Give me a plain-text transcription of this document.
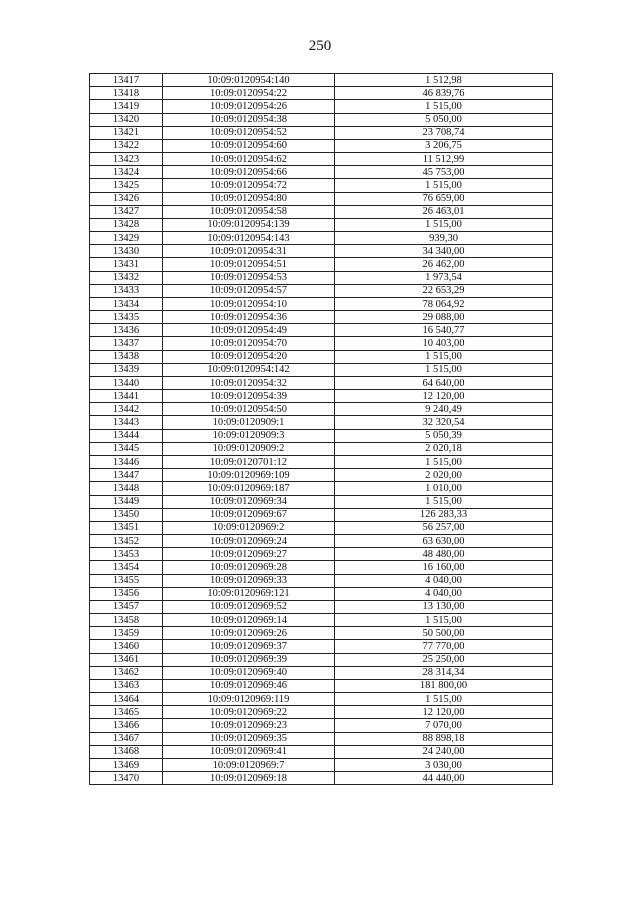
250
13417	10:09:0120954:140	1 512,98
13418	10:09:0120954:22	46 839,76
13419	10:09:0120954:26	1 515,00
13420	10:09:0120954:38	5 050,00
13421	10:09:0120954:52	23 708,74
13422	10:09:0120954:60	3 206,75
13423	10:09:0120954:62	11 512,99
13424	10:09:0120954:66	45 753,00
13425	10:09:0120954:72	1 515,00
13426	10:09:0120954:80	76 659,00
13427	10:09:0120954:58	26 463,01
13428	10:09:0120954:139	1 515,00
13429	10:09:0120954:143	939,30
13430	10:09:0120954:31	34 340,00
13431	10:09:0120954:51	26 462,00
13432	10:09:0120954:53	1 973,54
13433	10:09:0120954:57	22 653,29
13434	10:09:0120954:10	78 064,92
13435	10:09:0120954:36	29 088,00
13436	10:09:0120954:49	16 540,77
13437	10:09:0120954:70	10 403,00
13438	10:09:0120954:20	1 515,00
13439	10:09:0120954:142	1 515,00
13440	10:09:0120954:32	64 640,00
13441	10:09:0120954:39	12 120,00
13442	10:09:0120954:50	9 240,49
13443	10:09:0120909:1	32 320,54
13444	10:09:0120909:3	5 050,39
13445	10:09:0120909:2	2 020,18
13446	10:09:0120701:12	1 515,00
13447	10:09:0120969:109	2 020,00
13448	10:09:0120969:187	1 010,00
13449	10:09:0120969:34	1 515,00
13450	10:09:0120969:67	126 283,33
13451	10:09:0120969:2	56 257,00
13452	10:09:0120969:24	63 630,00
13453	10:09:0120969:27	48 480,00
13454	10:09:0120969:28	16 160,00
13455	10:09:0120969:33	4 040,00
13456	10:09:0120969:121	4 040,00
13457	10:09:0120969:52	13 130,00
13458	10:09:0120969:14	1 515,00
13459	10:09:0120969:26	50 500,00
13460	10:09:0120969:37	77 770,00
13461	10:09:0120969:39	25 250,00
13462	10:09:0120969:40	28 314,34
13463	10:09:0120969:46	181 800,00
13464	10:09:0120969:119	1 515,00
13465	10:09:0120969:22	12 120,00
13466	10:09:0120969:23	7 070,00
13467	10:09:0120969:35	88 898,18
13468	10:09:0120969:41	24 240,00
13469	10:09:0120969:7	3 030,00
13470	10:09:0120969:18	44 440,00
